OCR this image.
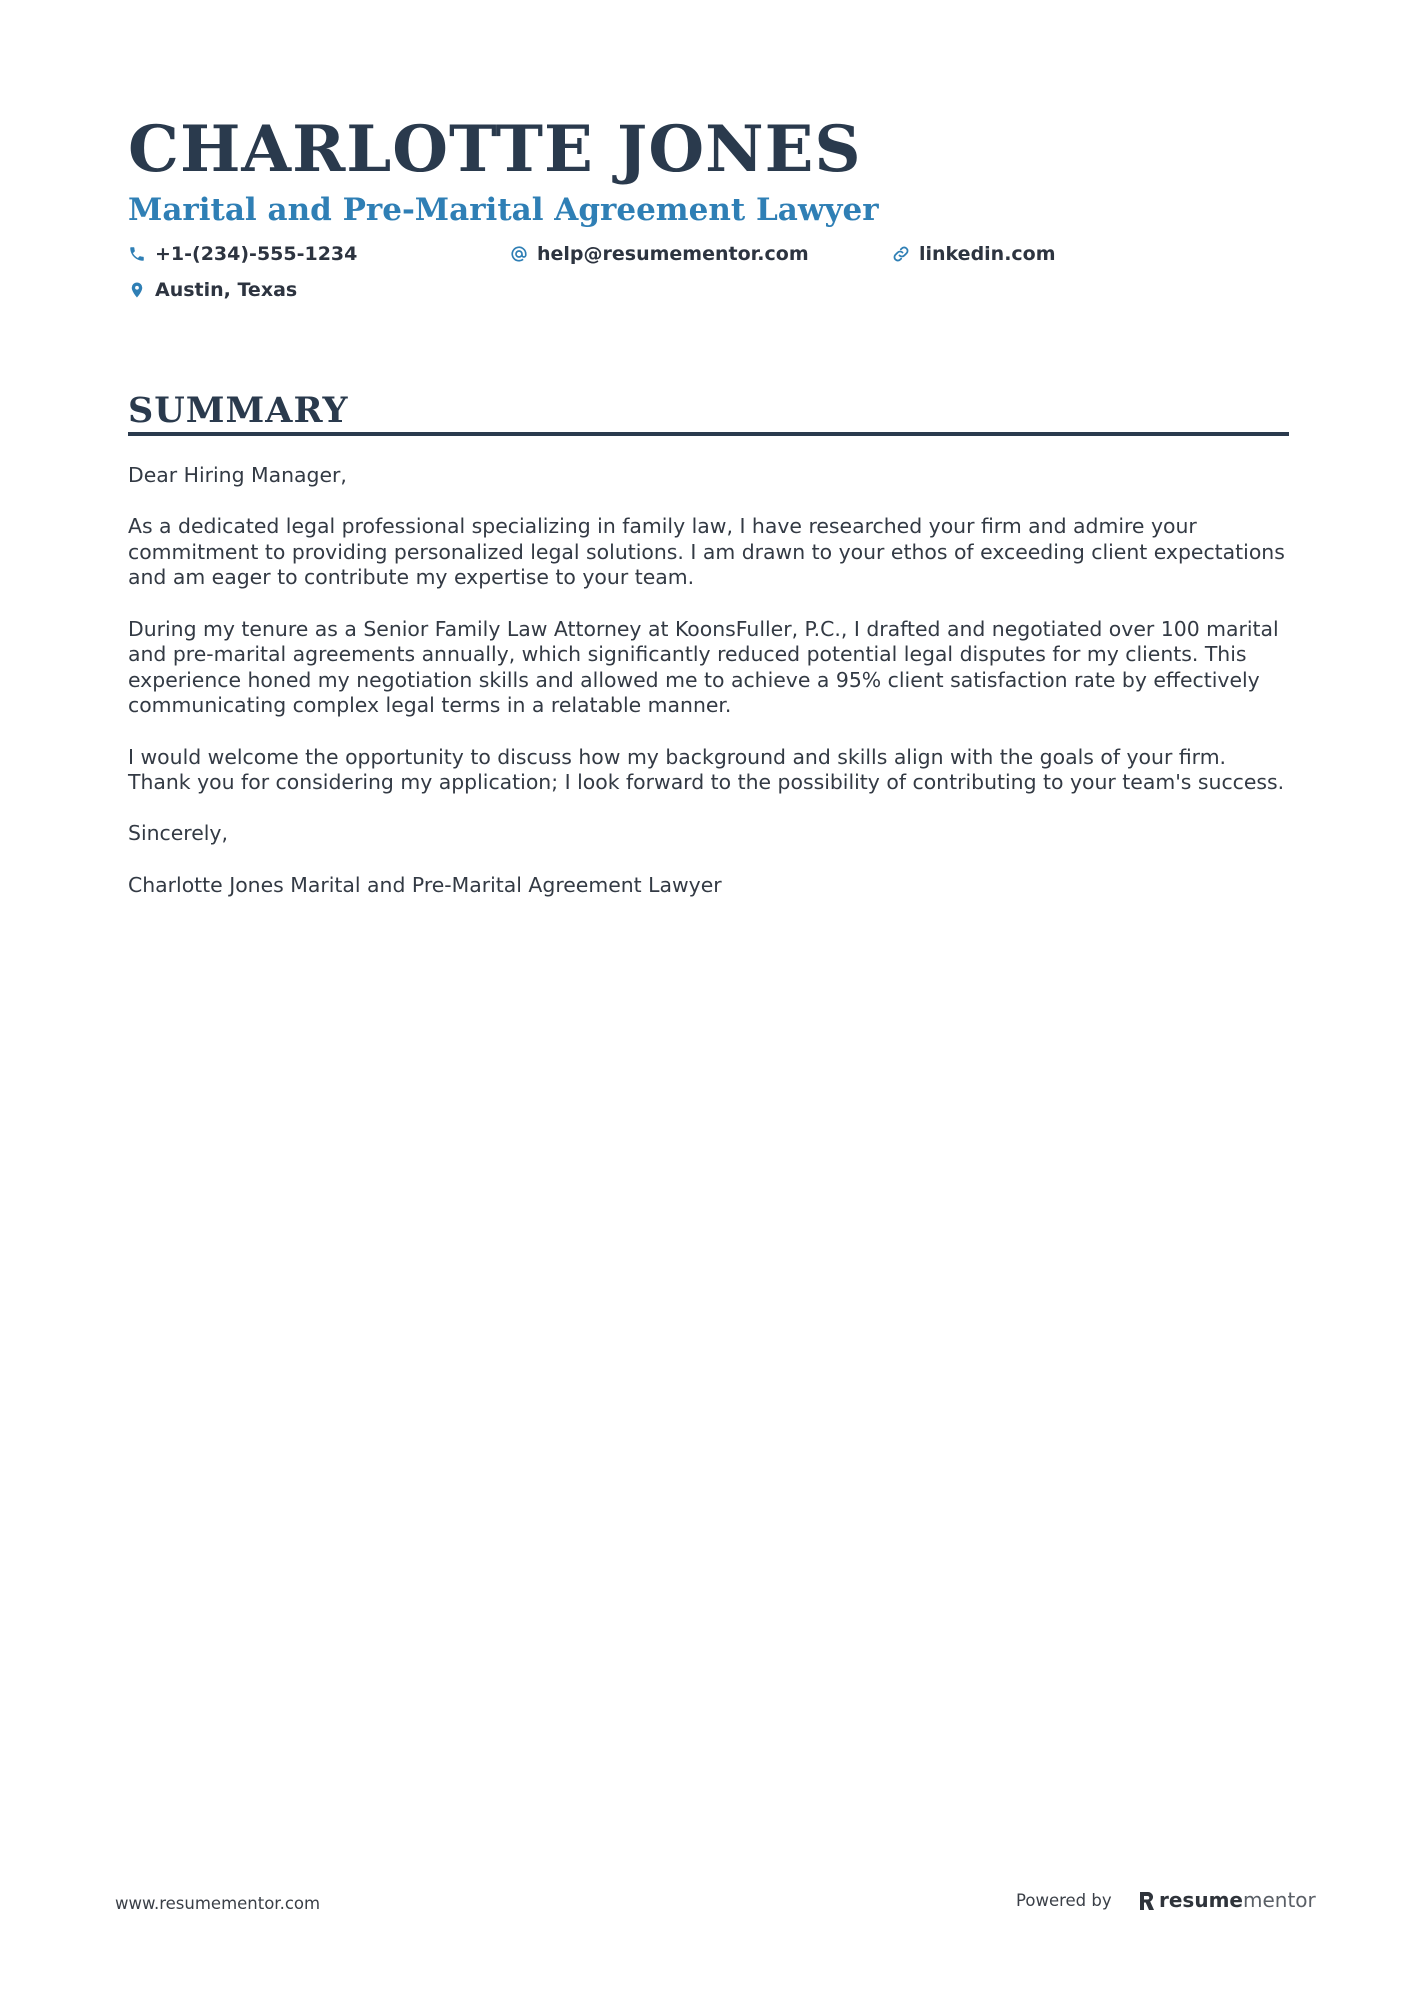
CHARLOTTE JONES
Marital and Pre-Marital Agreement Lawyer
+1-(234)-555-1234	help@resumementor.com	linkedin.com
Austin, Texas
SUMMARY

Dear Hiring Manager,

As a dedicated legal professional specializing in family law, I have researched your firm and admire your commitment to providing personalized legal solutions. I am drawn to your ethos of exceeding client expectations and am eager to contribute my expertise to your team.

During my tenure as a Senior Family Law Attorney at KoonsFuller, P.C., I drafted and negotiated over 100 marital and pre-marital agreements annually, which significantly reduced potential legal disputes for my clients. This experience honed my negotiation skills and allowed me to achieve a 95% client satisfaction rate by effectively communicating complex legal terms in a relatable manner.

I would welcome the opportunity to discuss how my background and skills align with the goals of your firm. Thank you for considering my application; I look forward to the possibility of contributing to your team's success.

Sincerely,

Charlotte Jones Marital and Pre-Marital Agreement Lawyer

www.resumementor.com	Powered by resume mentor
